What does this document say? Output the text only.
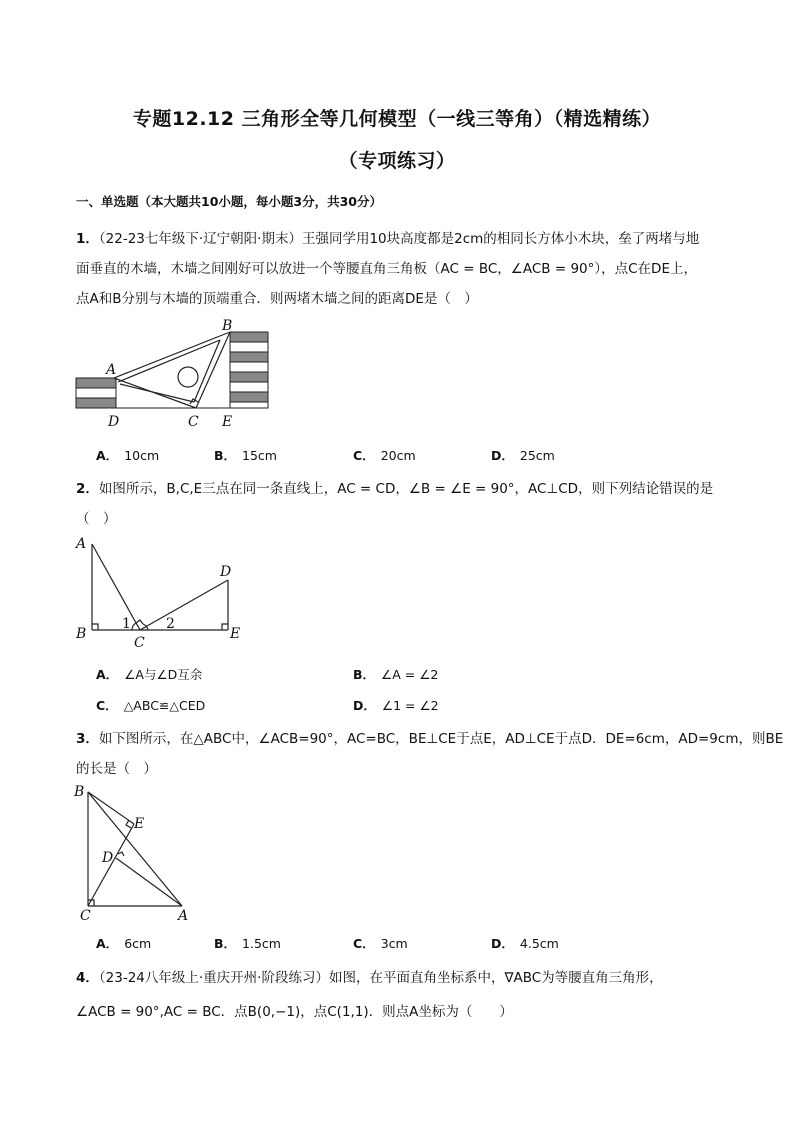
专题12.12 三角形全等几何模型（一线三等角）（精选精练）
（专项练习）
一、单选题（本大题共10小题，每小题3分，共30分）
1．（22-23七年级下·辽宁朝阳·期末）王强同学用10块高度都是2cm的相同长方体小木块，垒了两堵与地
面垂直的木墙，木墙之间刚好可以放进一个等腰直角三角板（AC = BC，∠ACB = 90°），点C在DE上，
点A和B分别与木墙的顶端重合．则两堵木墙之间的距离DE是（　）
A
B
C
D	E
A． 10cm	B． 15cm	C． 20cm	D． 25cm
2．如图所示，B,C,E三点在同一条直线上，AC = CD，∠B = ∠E = 90°，AC⊥CD，则下列结论错误的是
（　）
A
B
C
D
E
1	2
A． ∠A与∠D互余	B． ∠A = ∠2
C． △ABC≌△CED	D． ∠1 = ∠2
3．如下图所示，在△ABC中，∠ACB=90°，AC=BC，BE⊥CE于点E，AD⊥CE于点D．DE=6cm，AD=9cm，则BE
的长是（　）
B
E
D
C	A
A． 6cm	B． 1.5cm	C． 3cm	D． 4.5cm
4．（23-24八年级上·重庆开州·阶段练习）如图，在平面直角坐标系中，∇ABC为等腰直角三角形，
∠ACB = 90°,AC = BC．点B(0,−1)，点C(1,1)．则点A坐标为（　　）
